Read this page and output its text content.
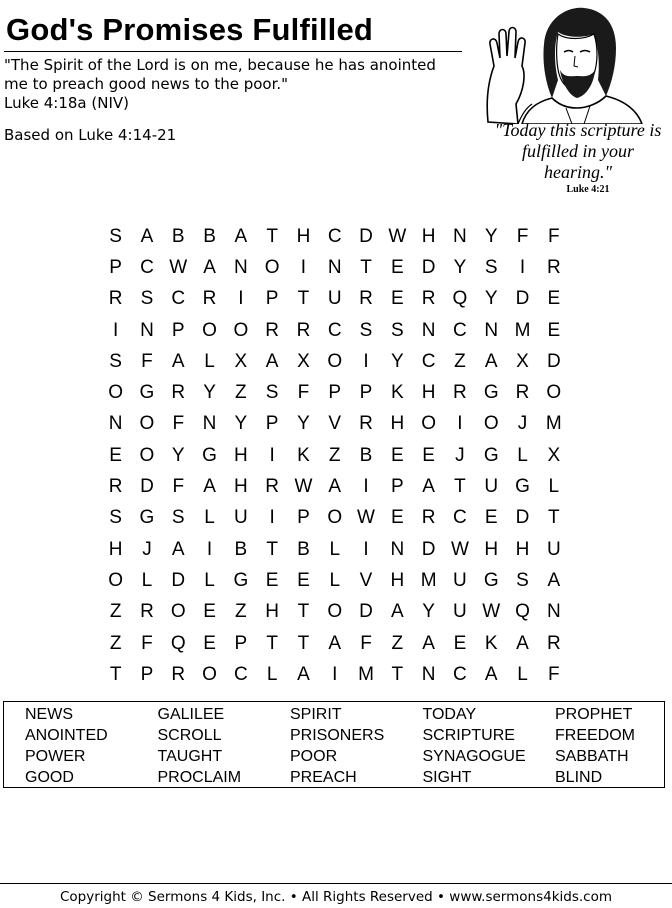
God's Promises Fulfilled
"The Spirit of the Lord is on me, because he has anointed me to preach good news to the poor."
Luke 4:18a (NIV)
Based on Luke 4:14-21	"Today this scripture is fulfilled in your hearing."
Luke 4:21
S A B B A	T H C D W H N Y	F	F
P C W A N O	I	N T	E D Y S	I	R
R S C R	I	P	T U R E R Q Y D E
I	N P O O R R C S S N C N M E
S	F	A	L	X A X O	I	Y C Z	A X D
O G R Y	Z	S	F	P P K H R G R O
N O F N Y P Y V R H O	I	O	J M
E O Y G H	I	K	Z	B E E	J	G L	X
R D F	A H R W A	I	P A	T U G L
S G S	L	U	I	P O W E R C E D T
H	J	A	I	B	T	B	L	I	N D W H H U
O L	D	L G E E	L	V H M U G S A
Z R O E	Z H T O D A Y U W Q N
Z	F Q E P	T	T	A	F	Z	A E K A R
T	P R O C	L	A	I	M T N C A	L	F
NEWS	GALILEE	SPIRIT	TODAY	PROPHET
ANOINTED	SCROLL	PRISONERS	SCRIPTURE	FREEDOM
POWER	TAUGHT	POOR	SYNAGOGUE	SABBATH
GOOD	PROCLAIM	PREACH	SIGHT	BLIND
Copyright © Sermons 4 Kids, Inc. • All Rights Reserved • www.sermons4kids.com
